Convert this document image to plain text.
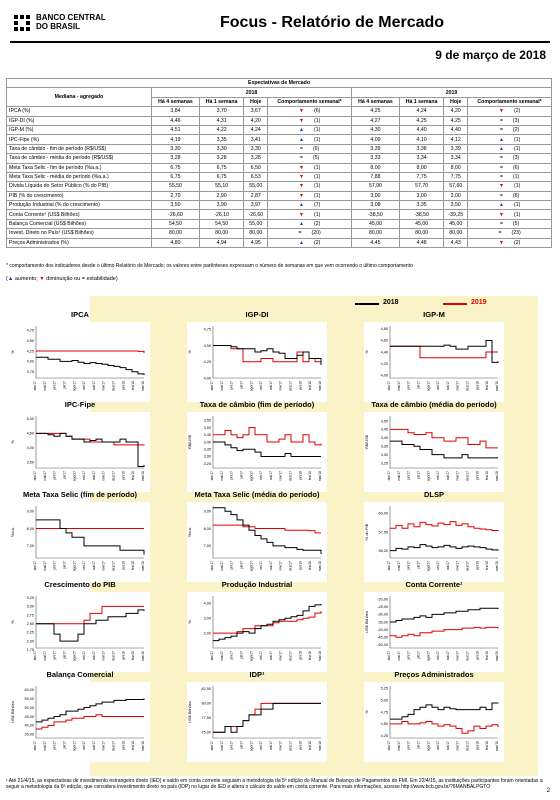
BANCO CENTRAL
DO BRASIL	Focus - Relatório de Mercado
9 de março de 2018
Expectativas de Mercado								
Mediana - agregado	2018				2019			
	Há 4 semanas	Há 1 semana	Hoje	Comportamento semanal*	Há 4 semanas	Há 1 semana	Hoje	Comportamento semanal*
IPCA (%)	3,84	3,70	3,67	▼ (6)	4,25	4,24	4,20	▼ (2)
IGP-DI (%)	4,46	4,31	4,20	▼ (1)	4,27	4,25	4,25	= (3)
IGP-M (%)	4,51	4,22	4,24	▲ (1)	4,30	4,40	4,40	= (2)
IPC-Fipe (%)	4,19	3,35	3,41	▲ (1)	4,09	4,10	4,12	▲ (1)
Taxa de câmbio - fim de período (R$/US$)	3,30	3,30	3,30	= (6)	3,39	3,38	3,39	▲ (1)
Taxa de câmbio - média do período (R$/US$)	3,28	3,28	3,28	= (5)	3,33	3,34	3,34	= (3)
Meta Taxa Selic - fim de período (%a.a.)	6,75	6,75	6,50	▼ (1)	8,00	8,00	8,00	= (6)
Meta Taxa Selic - média do período (%a.a.)	6,75	6,75	6,53	▼ (1)	7,88	7,75	7,75	= (1)
Dívida Líquida do Setor Público (% do PIB)	55,50	55,10	55,00	▼ (1)	57,90	57,70	57,60	▼ (1)
PIB (% do crescimento)	2,70	2,90	2,87	▼ (1)	3,00	3,00	3,00	= (6)
Produção Industrial (% do crescimento)	3,50	3,90	3,97	▲ (7)	3,08	3,35	3,50	▲ (1)
Conta Corrente¹ (US$ Bilhões)	-26,60	-26,10	-26,60	▼ (1)	-38,50	-38,50	-39,25	▼ (1)
Balança Comercial (US$ Bilhões)	54,50	54,50	55,00	▲ (2)	45,00	45,00	45,00	= (5)
Invest. Direto no País¹ (US$ Bilhões)	80,00	80,00	80,00	= (20)	80,00	80,00	80,00	= (23)
Preços Administrados (%)	4,80	4,94	4,95	▲ (2)	4,45	4,48	4,43	▼ (2)
* comportamento dos indicadores desde o último Relatório de Mercado; os valores entre parênteses expressam o número de semanas em que vem ocorrendo o último comportamento
(▲ aumento; ▼ diminuição ou = estabilidade)
2018	2019
IPCA
%
4,75
4,50
4,25
4,00
3,75
abr/17 mai/17 jun/17 jul/17 ago/17 set/17 out/17 nov/17 dez/17 jan/18 fev/18 mar/18
IGP-DI
%
4,75
4,50
4,25
4,00
abr/17 mai/17 jun/17 jul/17 ago/17 set/17 out/17 nov/17 dez/17 jan/18 fev/18 mar/18
IGP-M
%
4,80
4,60
4,40
4,20
4,00
abr/17 mai/17 jun/17 jul/17 ago/17 set/17 out/17 nov/17 dez/17 jan/18 fev/18 mar/18
IPC-Fipe
%
5,00
4,50
4,00
3,50
abr/17 mai/17 jun/17 jul/17 ago/17 set/17 out/17 nov/17 dez/17 jan/18 fev/18 mar/18
Taxa de câmbio (fim de período)
R$/US$
3,55
3,50
3,45
3,40
3,35
3,30
3,25
abr/17 mai/17 jun/17 jul/17 ago/17 set/17 out/17 nov/17 dez/17 jan/18 fev/18 mar/18
Taxa de câmbio (média do período)
R$/US$
3,50
3,45
3,40
3,35
3,30
3,25
abr/17 mai/17 jun/17 jul/17 ago/17 set/17 out/17 nov/17 dez/17 jan/18 fev/18 mar/18
Meta Taxa Selic (fim de período)
%a.a.
9,00
8,00
7,00
abr/17 mai/17 jun/17 jul/17 ago/17 set/17 out/17 nov/17 dez/17 jan/18 fev/18 mar/18
Meta Taxa Selic (média do período)
%a.a.
9,00
8,00
7,00
abr/17 mai/17 jun/17 jul/17 ago/17 set/17 out/17 nov/17 dez/17 jan/18 fev/18 mar/18
DLSP
% do PIB
60,00
57,50
55,00
abr/17 mai/17 jun/17 jul/17 ago/17 set/17 out/17 nov/17 dez/17 jan/18 fev/18 mar/18
Crescimento do PIB
%
3,25
3,00
2,75
2,50
2,25
2,00
1,75
abr/17 mai/17 jun/17 jul/17 ago/17 set/17 out/17 nov/17 dez/17 jan/18 fev/18 mar/18
Produção Industrial
%
4,00
3,00
2,00
abr/17 mai/17 jun/17 jul/17 ago/17 set/17 out/17 nov/17 dez/17 jan/18 fev/18 mar/18
Conta Corrente¹
US$ Bilhões
-20,00
-25,00
-30,00
-35,00
-40,00
-45,00
-50,00
abr/17 mai/17 jun/17 jul/17 ago/17 set/17 out/17 nov/17 dez/17 jan/18 fev/18 mar/18
Balança Comercial
US$ Bilhões
60,00
55,00
50,00
45,00
40,00
35,00
abr/17 mai/17 jun/17 jul/17 ago/17 set/17 out/17 nov/17 dez/17 jan/18 fev/18 mar/18
IDP¹
US$ Bilhões
82,50
80,00
77,50
75,00
abr/17 mai/17 jun/17 jul/17 ago/17 set/17 out/17 nov/17 dez/17 jan/18 fev/18 mar/18
Preços Administrados
%
5,25
5,00
4,75
4,50
4,25
abr/17 mai/17 jun/17 jul/17 ago/17 set/17 out/17 nov/17 dez/17 jan/18 fev/18 mar/18
¹ Até 21/4/15, as expectativas de investimento estrangeiro direto (IED) e saldo em conta corrente seguiam a metodologia da 5ª edição do Manual de Balanço de Pagamentos do FMI. Em 22/4/15, as instituições participantes foram orientadas a seguir a metodologia da 6ª edição, que considera investimento direto no país (IDP) no lugar de IED e altera o cálculo do saldo em conta corrente. Para mais informações, acesse http://www.bcb.gov.br/?6MANBALPGTO
2
